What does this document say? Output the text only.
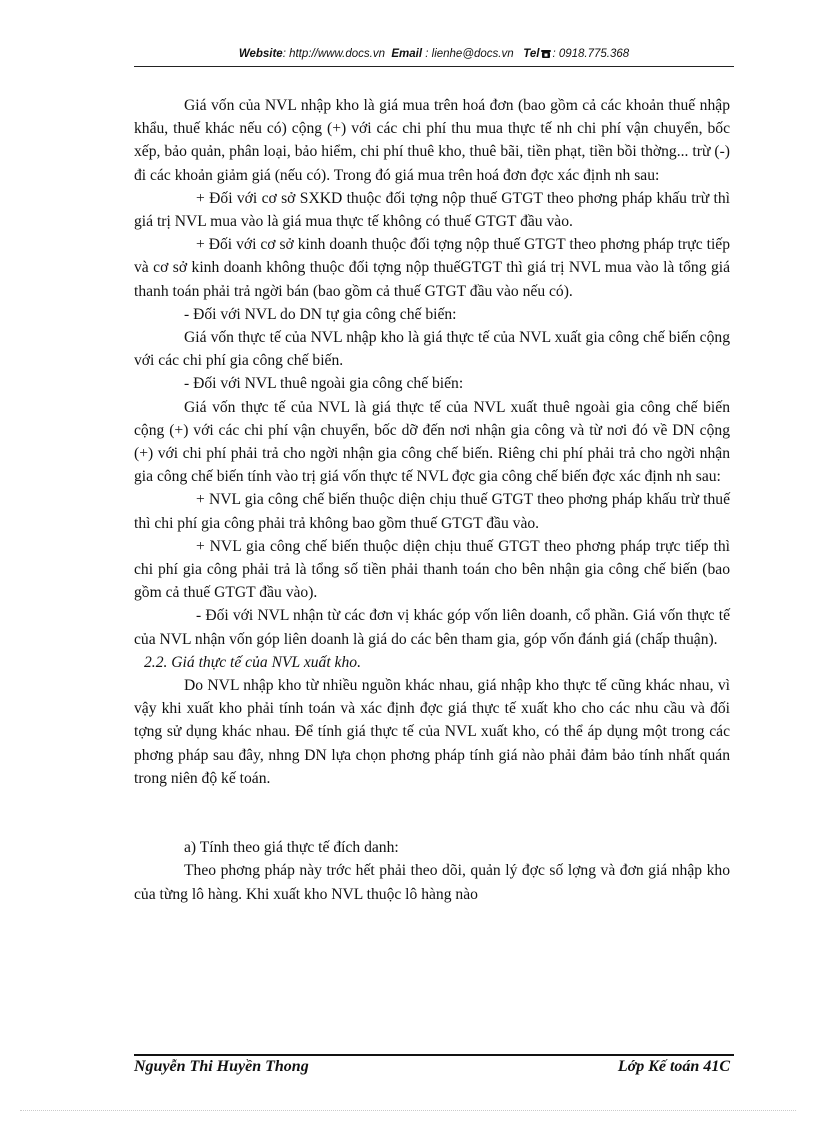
Website: http://www.docs.vn Email : lienhe@docs.vn Tel : 0918.775.368

Giá vốn của NVL nhập kho là giá mua trên hoá đơn (bao gồm cả các khoản thuế nhập khẩu, thuế khác nếu có) cộng (+) với các chi phí thu mua thực tế nh chi phí vận chuyển, bốc xếp, bảo quản, phân loại, bảo hiểm, chi phí thuê kho, thuê bãi, tiền phạt, tiền bồi thờng... trừ (-) đi các khoản giảm giá (nếu có). Trong đó giá mua trên hoá đơn đợc xác định nh sau:

+ Đối với cơ sở SXKD thuộc đối tợng nộp thuế GTGT theo phơng pháp khấu trừ thì giá trị NVL mua vào là giá mua thực tế không có thuế GTGT đầu vào.

+ Đối với cơ sở kinh doanh thuộc đối tợng nộp thuế GTGT theo phơng pháp trực tiếp và cơ sở kinh doanh không thuộc đối tợng nộp thuếGTGT thì giá trị NVL mua vào là tổng giá thanh toán phải trả ngời bán (bao gồm cả thuế GTGT đầu vào nếu có).

- Đối với NVL do DN tự gia công chế biến:

Giá vốn thực tế của NVL nhập kho là giá thực tế của NVL xuất gia công chế biến cộng với các chi phí gia công chế biến.

- Đối với NVL thuê ngoài gia công chế biến:

Giá vốn thực tế của NVL là giá thực tế của NVL xuất thuê ngoài gia công chế biến cộng (+) với các chi phí vận chuyển, bốc dỡ đến nơi nhận gia công và từ nơi đó về DN cộng (+) với chi phí phải trả cho ngời nhận gia công chế biến. Riêng chi phí phải trả cho ngời nhận gia công chế biến tính vào trị giá vốn thực tế NVL đợc gia công chế biến đợc xác định nh sau:

+ NVL gia công chế biến thuộc diện chịu thuế GTGT theo phơng pháp khấu trừ thuế thì chi phí gia công phải trả không bao gồm thuế GTGT đầu vào.

+ NVL gia công chế biến thuộc diện chịu thuế GTGT theo phơng pháp trực tiếp thì chi phí gia công phải trả là tổng số tiền phải thanh toán cho bên nhận gia công chế biến (bao gồm cả thuế GTGT đầu vào).

- Đối với NVL nhận từ các đơn vị khác góp vốn liên doanh, cổ phần. Giá vốn thực tế của NVL nhận vốn góp liên doanh là giá do các bên tham gia, góp vốn đánh giá (chấp thuận).

2.2. Giá thực tế của NVL xuất kho.

Do NVL nhập kho từ nhiều nguồn khác nhau, giá nhập kho thực tế cũng khác nhau, vì vậy khi xuất kho phải tính toán và xác định đợc giá thực tế xuất kho cho các nhu cầu và đối tợng sử dụng khác nhau. Để tính giá thực tế của NVL xuất kho, có thể áp dụng một trong các phơng pháp sau đây, nhng DN lựa chọn phơng pháp tính giá nào phải đảm bảo tính nhất quán trong niên độ kế toán.

a) Tính theo giá thực tế đích danh:

Theo phơng pháp này trớc hết phải theo dõi, quản lý đợc số lợng và đơn giá nhập kho của từng lô hàng. Khi xuất kho NVL thuộc lô hàng nào

Nguyễn Thi Huyền Thong	Lớp Kế toán 41C
